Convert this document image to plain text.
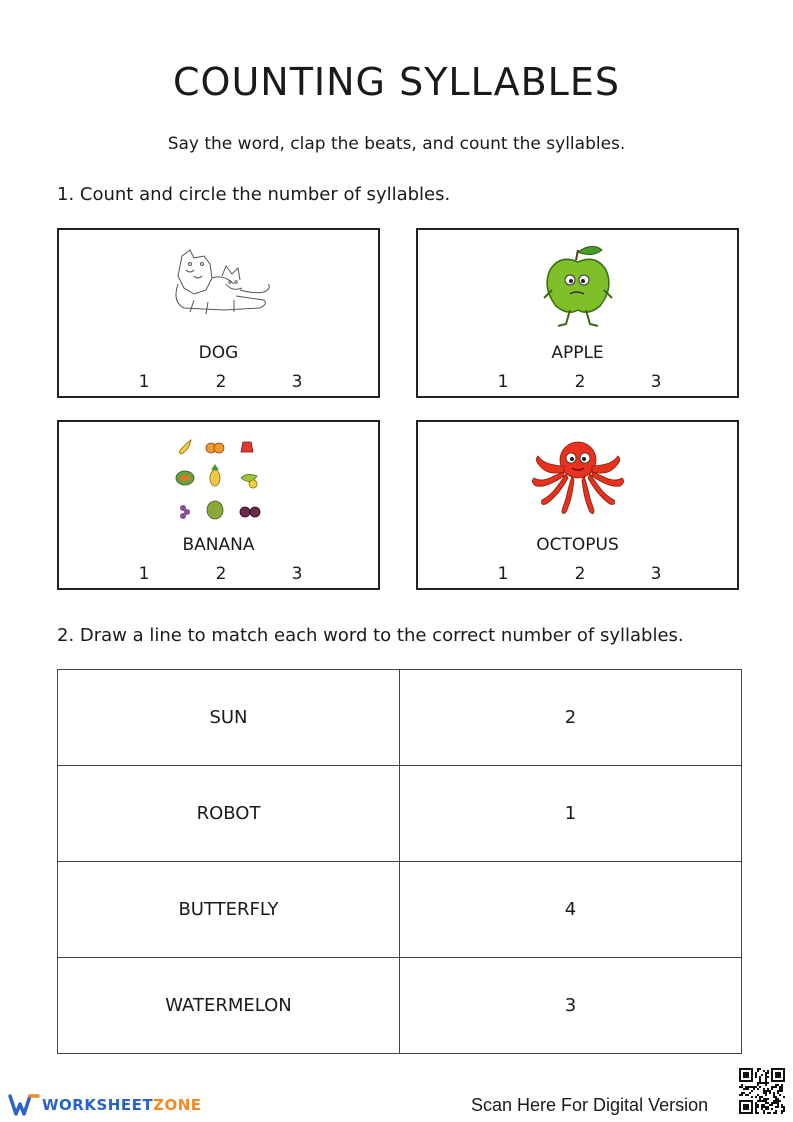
COUNTING SYLLABLES
Say the word, clap the beats, and count the syllables.
1. Count and circle the number of syllables.
DOG
1	2	3
APPLE
1	2	3
BANANA
1	2	3
OCTOPUS
1	2	3
2. Draw a line to match each word to the correct number of syllables.
SUN	2
ROBOT	1
BUTTERFLY	4
WATERMELON	3
WORKSHEETZONE	Scan Here For Digital Version
